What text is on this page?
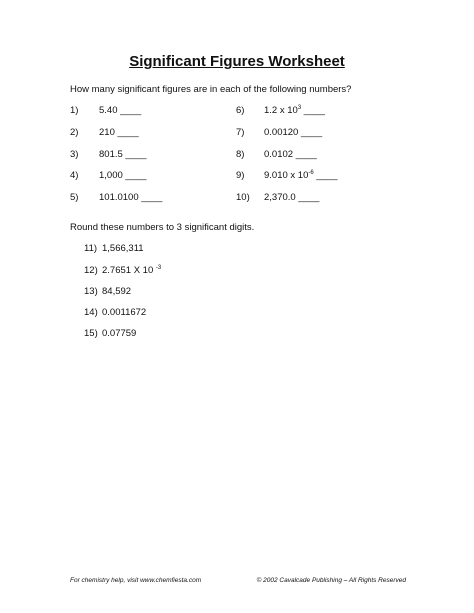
Significant Figures Worksheet
How many significant figures are in each of the following numbers?
1) 5.40 ____
2) 210 ____
3) 801.5 ____
4) 1,000 ____
5) 101.0100 ____
6) 1.2 x $10^3$ ____
7) 0.00120 ____
8) 0.0102 ____
9) 9.010 x $10^{-6}$ ____
10) 2,370.0 ____
Round these numbers to 3 significant digits.
11) 1,566,311
12) 2.7651 X 10 $^{-3}$
13) 84,592
14) 0.0011672
15) 0.07759
For chemistry help, visit www.chemfiesta.com	© 2002 Cavalcade Publishing – All Rights Reserved
